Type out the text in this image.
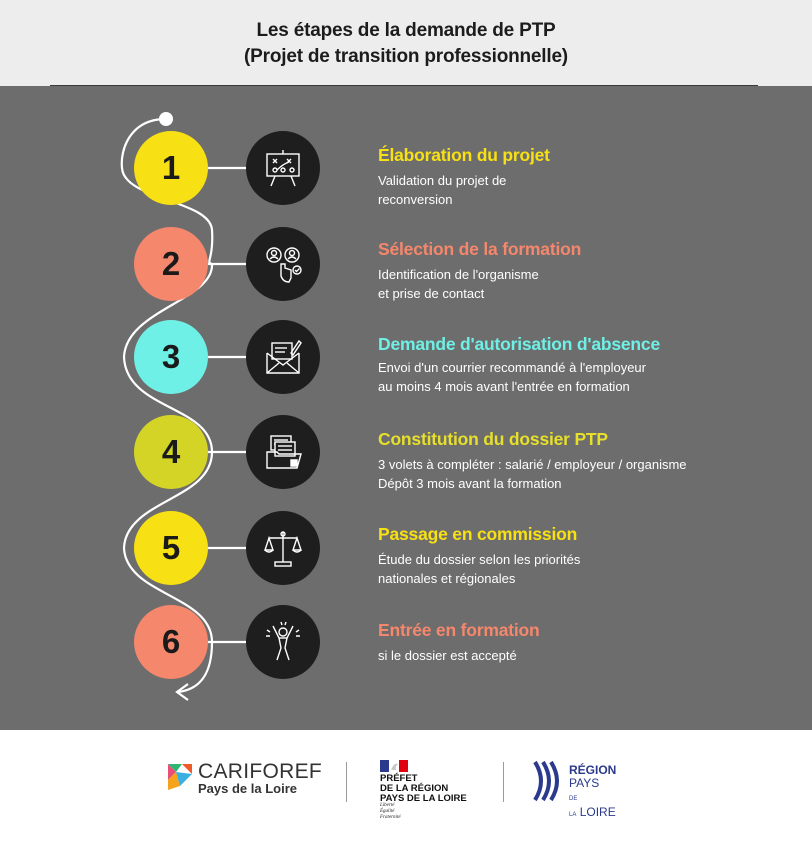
Les étapes de la demande de PTP
(Projet de transition professionnelle)
1
2
3
4
5
6
Élaboration du projet
Validation du projet de
reconversion
Sélection de la formation
Identification de l'organisme
et prise de contact
Demande d'autorisation d'absence
Envoi d'un courrier recommandé à l'employeur
au moins 4 mois avant l'entrée en formation
Constitution du dossier PTP
3 volets à compléter : salarié / employeur / organisme
Dépôt 3 mois avant la formation
Passage en commission
Étude du dossier selon les priorités
nationales et régionales
Entrée en formation
si le dossier est accepté
CARIFOREF
Pays de la Loire
PRÉFET
DE LA RÉGION
PAYS DE LA LOIRE
Liberté
Égalité
Fraternité
RÉGION
PAYS
DE
LA LOIRE
